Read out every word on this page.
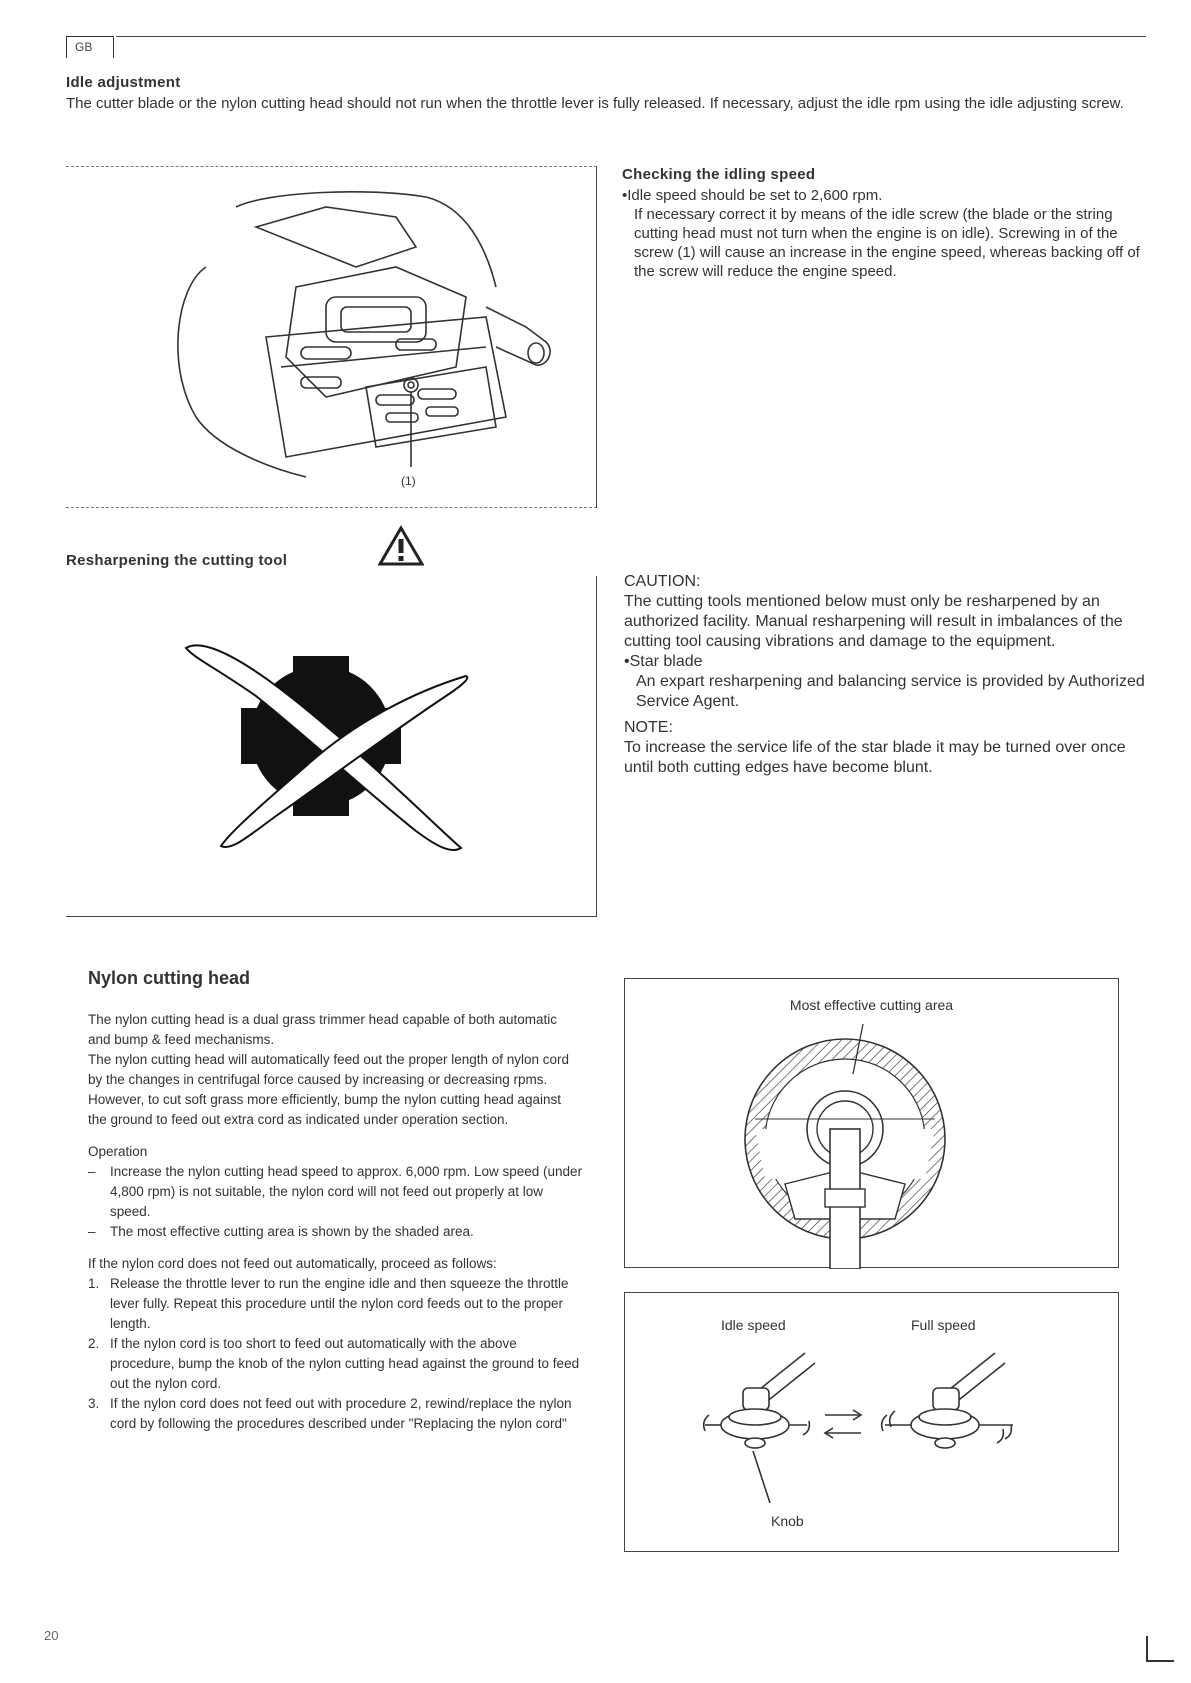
GB
Idle adjustment
The cutter blade or the nylon cutting head should not run when the throttle lever is fully released. If necessary, adjust the idle rpm using the idle adjusting screw.
(1)
Checking the idling speed
•Idle speed should be set to 2,600 rpm.
If necessary correct it by means of the idle screw (the blade or the string cutting head must not turn when the engine is on idle). Screwing in of the screw (1) will cause an increase in the engine speed, whereas backing off of the screw will reduce the engine speed.
Resharpening the cutting tool
CAUTION:
The cutting tools mentioned below must only be resharpened by an authorized facility. Manual resharpening will result in imbalances of the cutting tool causing vibrations and damage to the equipment.
•Star blade
An expart resharpening and balancing service is provided by Authorized Service Agent.
NOTE:
To increase the service life of the star blade it may be turned over once until both cutting edges have become blunt.
Nylon cutting head
The nylon cutting head is a dual grass trimmer head capable of both automatic and bump & feed mechanisms.
The nylon cutting head will automatically feed out the proper length of nylon cord by the changes in centrifugal force caused by increasing or decreasing rpms. However, to cut soft grass more efficiently, bump the nylon cutting head against the ground to feed out extra cord as indicated under operation section.
Operation
– Increase the nylon cutting head speed to approx. 6,000 rpm. Low speed (under 4,800 rpm) is not suitable, the nylon cord will not feed out properly at low speed.
– The most effective cutting area is shown by the shaded area.
If the nylon cord does not feed out automatically, proceed as follows:
1. Release the throttle lever to run the engine idle and then squeeze the throttle lever fully. Repeat this procedure until the nylon cord feeds out to the proper length.
2. If the nylon cord is too short to feed out automatically with the above procedure, bump the knob of the nylon cutting head against the ground to feed out the nylon cord.
3. If the nylon cord does not feed out with procedure 2, rewind/replace the nylon cord by following the procedures described under "Replacing the nylon cord"
Most effective cutting area
Idle speed	Full speed
Knob
20
